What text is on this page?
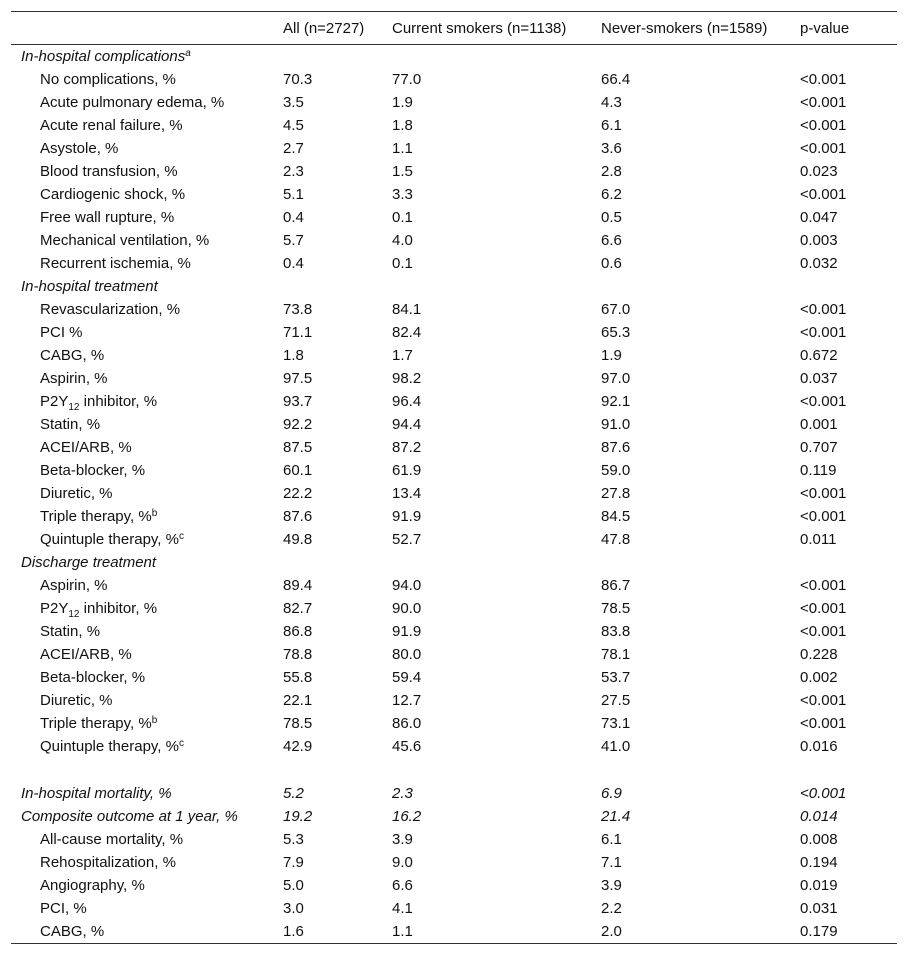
	All (n=2727)	Current smokers (n=1138)	Never-smokers (n=1589)	p-value
In-hospital complications$^a$				
No complications, %	70.3	77.0	66.4	<0.001
Acute pulmonary edema, %	3.5	1.9	4.3	<0.001
Acute renal failure, %	4.5	1.8	6.1	<0.001
Asystole, %	2.7	1.1	3.6	<0.001
Blood transfusion, %	2.3	1.5	2.8	0.023
Cardiogenic shock, %	5.1	3.3	6.2	<0.001
Free wall rupture, %	0.4	0.1	0.5	0.047
Mechanical ventilation, %	5.7	4.0	6.6	0.003
Recurrent ischemia, %	0.4	0.1	0.6	0.032
In-hospital treatment				
Revascularization, %	73.8	84.1	67.0	<0.001
PCI %	71.1	82.4	65.3	<0.001
CABG, %	1.8	1.7	1.9	0.672
Aspirin, %	97.5	98.2	97.0	0.037
$P2Y_{12}$ inhibitor, %	93.7	96.4	92.1	<0.001
Statin, %	92.2	94.4	91.0	0.001
ACEI/ARB, %	87.5	87.2	87.6	0.707
Beta-blocker, %	60.1	61.9	59.0	0.119
Diuretic, %	22.2	13.4	27.8	<0.001
Triple therapy, %$^b$	87.6	91.9	84.5	<0.001
Quintuple therapy, %$^c$	49.8	52.7	47.8	0.011
Discharge treatment				
Aspirin, %	89.4	94.0	86.7	<0.001
$P2Y_{12}$ inhibitor, %	82.7	90.0	78.5	<0.001
Statin, %	86.8	91.9	83.8	<0.001
ACEI/ARB, %	78.8	80.0	78.1	0.228
Beta-blocker, %	55.8	59.4	53.7	0.002
Diuretic, %	22.1	12.7	27.5	<0.001
Triple therapy, %$^b$	78.5	86.0	73.1	<0.001
Quintuple therapy, %$^c$	42.9	45.6	41.0	0.016

In-hospital mortality, %	5.2	2.3	6.9	<0.001
Composite outcome at 1 year, %	19.2	16.2	21.4	0.014
All-cause mortality, %	5.3	3.9	6.1	0.008
Rehospitalization, %	7.9	9.0	7.1	0.194
Angiography, %	5.0	6.6	3.9	0.019
PCI, %	3.0	4.1	2.2	0.031
CABG, %	1.6	1.1	2.0	0.179
